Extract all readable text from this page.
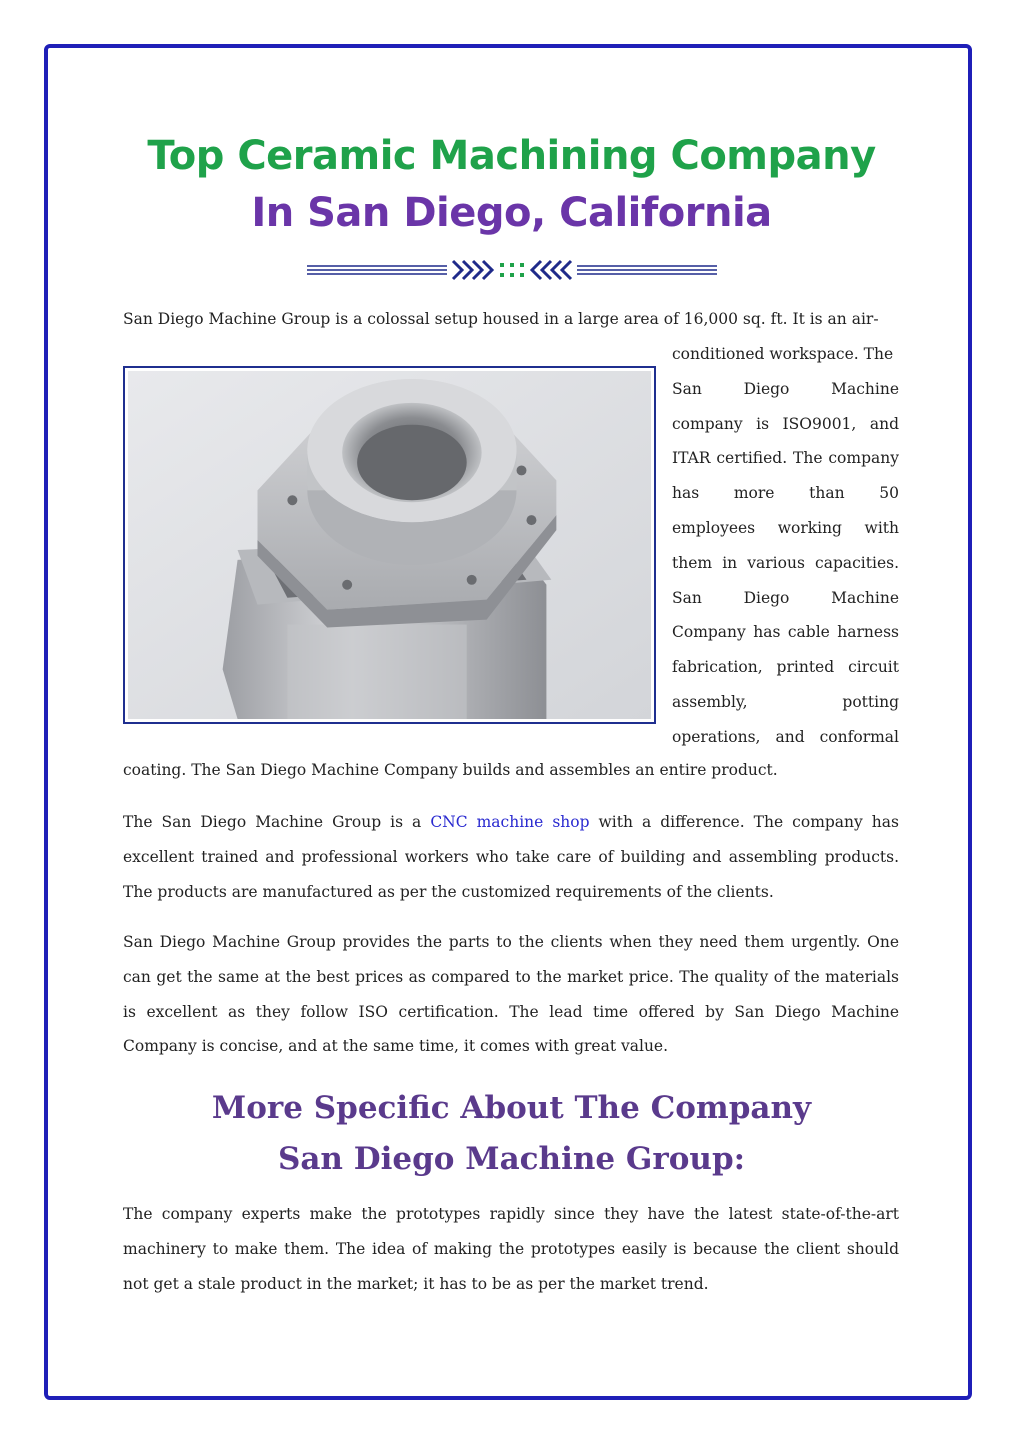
Top Ceramic Machining Company
In San Diego, California

San Diego Machine Group is a colossal setup housed in a large area of 16,000 sq. ft. It is an air-

conditioned workspace. The
San Diego Machine
company is ISO9001, and
ITAR certified. The company
has more than 50
employees working with
them in various capacities.
San Diego Machine
Company has cable harness
fabrication, printed circuit
assembly, potting
operations, and conformal

coating. The San Diego Machine Company builds and assembles an entire product.

The San Diego Machine Group is a CNC machine shop with a difference. The company has excellent trained and professional workers who take care of building and assembling products. The products are manufactured as per the customized requirements of the clients.

San Diego Machine Group provides the parts to the clients when they need them urgently. One can get the same at the best prices as compared to the market price. The quality of the materials is excellent as they follow ISO certification. The lead time offered by San Diego Machine Company is concise, and at the same time, it comes with great value.

More Specific About The Company
San Diego Machine Group:

The company experts make the prototypes rapidly since they have the latest state-of-the-art machinery to make them. The idea of making the prototypes easily is because the client should not get a stale product in the market; it has to be as per the market trend.
